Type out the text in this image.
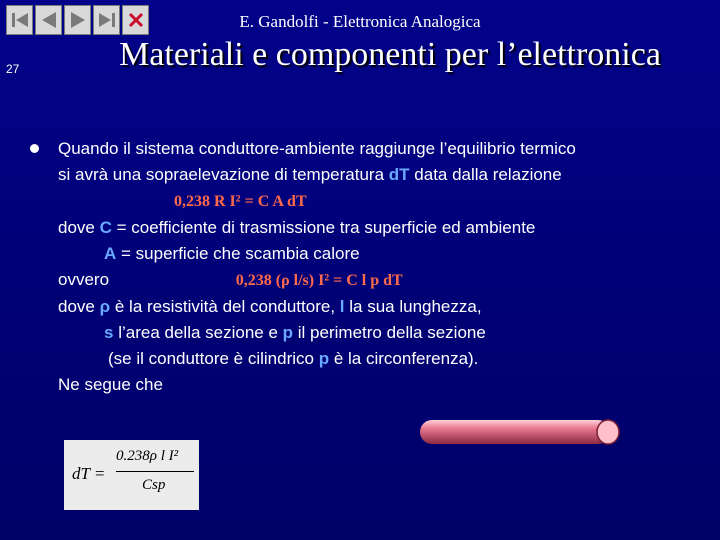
E. Gandolfi - Elettronica Analogica
27	Materiali e componenti per l’elettronica
Quando il sistema conduttore-ambiente raggiunge l’equilibrio termico
si avrà una sopraelevazione di temperatura dT data dalla relazione
0,238 R I² = C A dT
dove C = coefficiente di trasmissione tra superficie ed ambiente
A = superficie che scambia calore
ovvero	0,238 (ρ l/s) I² = C l p dT
dove ρ è la resistività del conduttore, l la sua lunghezza,
s l’area della sezione e p il perimetro della sezione
(se il conduttore è cilindrico p è la circonferenza).
Ne segue che
dT =
0.238ρ l I²
Csp
